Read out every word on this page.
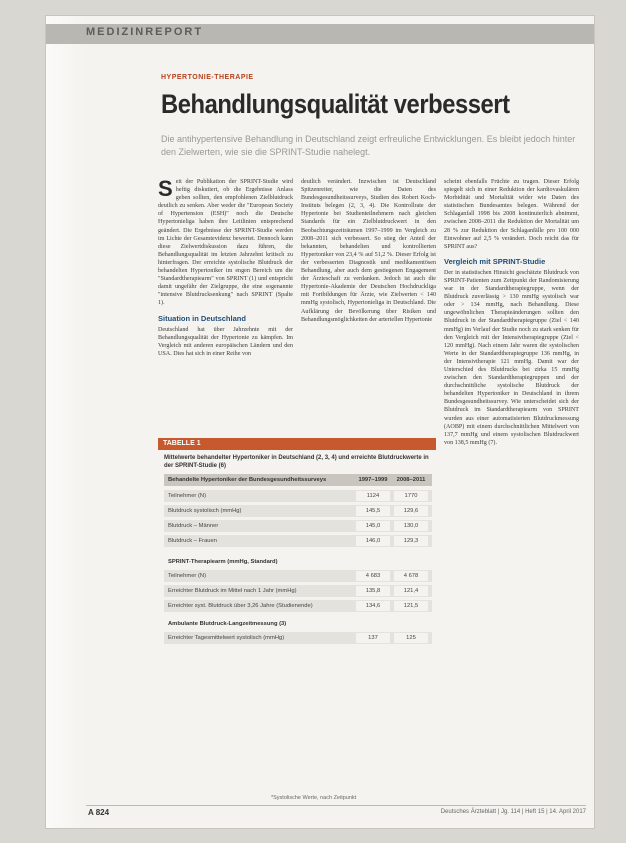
MEDIZINREPORT
HYPERTONIE-THERAPIE
Behandlungsqualität verbessert
Die antihypertensive Behandlung in Deutschland zeigt erfreuliche Entwicklungen. Es bleibt jedoch hinter den Zielwerten, wie sie die SPRINT-Studie nahelegt.

Seit der Publikation der SPRINT-Studie wird heftig diskutiert, ob die Ergebnisse Anlass geben sollten, den empfohlenen Zielblutdruck deutlich zu senken. Aber weder die "European Society of Hypertension (ESH)" noch die Deutsche Hypertonieliga haben ihre Leitlinien entsprechend geändert. Die Ergebnisse der SPRINT-Studie werden im Lichte der Gesamtevidenz bewertet. Dennoch kann diese Zielwertdiskussion dazu führen, die Behandlungsqualität im letzten Jahrzehnt kritisch zu hinterfragen. Der erreichte systolische Blutdruck der behandelten Hypertoniker im engen Bereich um die "Standardtherapiearm" von SPRINT (1) und entspricht damit ungefähr der Zielgruppe, die eine sogenannte "intensive Blutdrucksenkung" nach SPRINT (Spalte 1).

Situation in Deutschland

Deutschland hat über Jahrzehnte mit der Behandlungsqualität der Hypertonie zu kämpfen. Im Vergleich mit anderen europäischen Ländern und den USA. Dies hat sich in einer Reihe von

deutlich verändert. Inzwischen ist Deutschland Spitzenreiter, wie die Daten des Bundesgesundheitssurveys, Studien des Robert Koch-Instituts belegen (2, 3, 4). Die Kontrollrate der Hypertonie bei Studienteilnehmern nach gleichen Standards für ein Zielblutdruckwert in den Beobachtungszeiträumen 1997–1999 im Vergleich zu 2008–2011 sich verbessert. So stieg der Anteil der bekannten, behandelten und kontrollierten Hypertoniker von 23,4 % auf 51,2 %. Dieser Erfolg ist der verbesserten Diagnostik und medikamentösen Behandlung, aber auch dem gestiegenen Engagement der Ärzteschaft zu verdanken. Jedoch ist auch die Hypertonie-Akademie der Deutschen Hochdruckliga mit Fortbildungen für Ärzte, wie Zielwerten < 140 mmHg systolisch, Hypertonieliga in Deutschland. Die Aufklärung der Bevölkerung über Risiken und Behandlungsmöglichkeiten der arteriellen Hypertonie

scheint ebenfalls Früchte zu tragen. Dieser Erfolg spiegelt sich in einer Reduktion der kardiovaskulären Morbidität und Mortalität wider wie Daten des statistischen Bundesamtes belegen. Während der Schlaganfall 1998 bis 2008 kontinuierlich abnimmt, zwischen 2008–2011 die Reduktion der Mortalität um 28 % zur Reduktion der Schlaganfälle pro 100 000 Einwohner auf 2,5 % verändert. Doch reicht das für SPRINT aus?

Vergleich mit SPRINT-Studie

Der in statistischen Hinsicht geschätzte Blutdruck von SPRINT-Patienten zum Zeitpunkt der Randomisierung war in der Standardtherapiegruppe, wenn der Blutdruck zuverlässig > 130 mmHg systolisch war oder > 134 mmHg, nach Behandlung. Diese ungewöhnlichen Therapieänderungen sollten den Blutdruck in der Standardtherapiegruppe (Ziel < 140 mmHg) im Verlauf der Studie noch zu stark senken für den Vergleich mit der Intensivtherapiegruppe (Ziel < 120 mmHg). Nach einem Jahr waren die systolischen Werte in der Standardtherapiegruppe 136 mmHg, in der Intensivtherapie 121 mmHg. Damit war der Unterschied des Blutdrucks bei zirka 15 mmHg zwischen den Standardtherapiegruppen und der durchschnittliche systolische Blutdruck der behandelten Hypertoniker in Deutschland in ihrem Bundesgesundheitssurvey. Wie unterscheidet sich der Blutdruck im Standardtherapiearm von SPRINT wurden aus einer automatisierten Blutdruckmessung (AOBP) mit einem durchschnittlichen Mittelwert von 137,7 mmHg und einem systolischen Blutdruckwert von 138,5 mmHg (7).

TABELLE 1
Mittelwerte behandelter Hypertoniker in Deutschland (2, 3, 4) und erreichte Blutdruckwerte in der SPRINT-Studie (6)
Behandelte Hypertoniker der Bundesgesundheitssurveys	1997–1999	2008–2011
Teilnehmer (N)	1124	1770
Blutdruck systolisch (mmHg)	145,5	129,6
Blutdruck – Männer	145,0	130,0
Blutdruck – Frauen	146,0	129,3
SPRINT-Therapiearm (mmHg, Standard)
Teilnehmer (N)	4 683	4 678
Erreichter Blutdruck im Mittel nach 1 Jahr (mmHg)	135,8	121,4
Erreichter syst. Blutdruck über 3,26 Jahre (Studienende)	134,6	121,5
Ambulante Blutdruck-Langzeitmessung (3)
Erreichter Tagesmittelwert systolisch (mmHg)	137	125
*Systolische Werte, nach Zeitpunkt
A 824	Deutsches Ärzteblatt | Jg. 114 | Heft 15 | 14. April 2017
